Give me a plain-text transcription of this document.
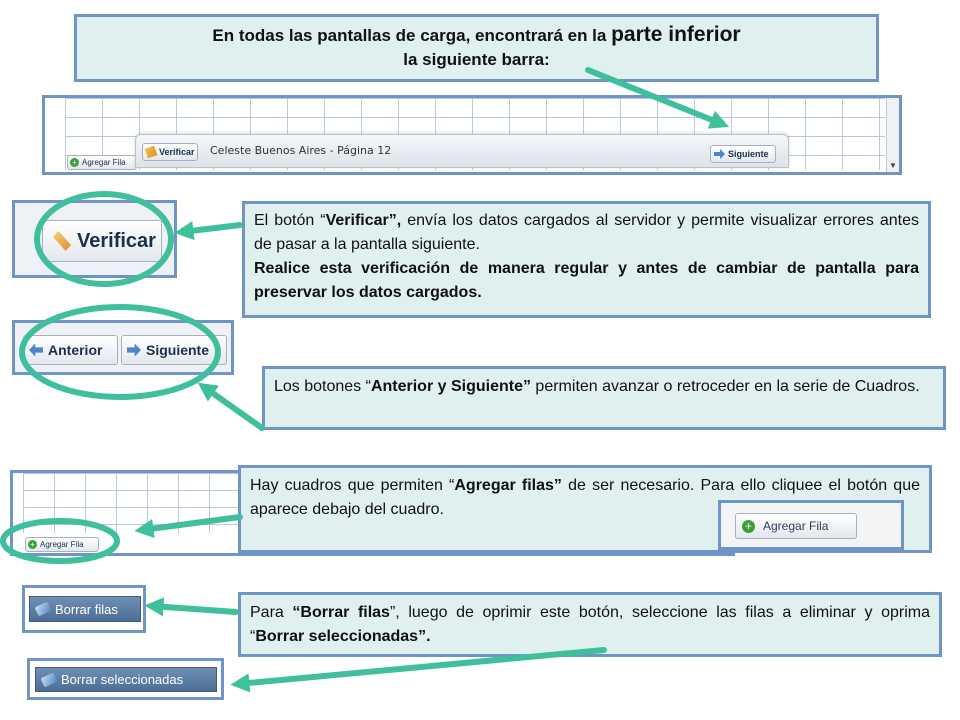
En todas las pantallas de carga, encontrará en la parte inferior
la siguiente barra:
▼
+ Agregar Fila
Verificar Celeste Buenos Aires - Página 12	Siguiente
Verificar

El botón “Verificar”, envía los datos cargados al servidor y permite visualizar errores antes de pasar a la pantalla siguiente.

Realice esta verificación de manera regular y antes de cambiar de pantalla para preservar los datos cargados.

Anterior	Siguiente

Los botones “Anterior y Siguiente” permiten avanzar o retroceder en la serie de Cuadros.

+ Agregar Fila

Hay cuadros que permiten “Agregar filas” de ser necesario. Para ello cliquee el botón que aparece debajo del cuadro.

+ Agregar Fila
Borrar filas	Para “Borrar filas”, luego de oprimir este botón, seleccione las filas a eliminar y oprima “Borrar seleccionadas”.

Borrar seleccionadas
